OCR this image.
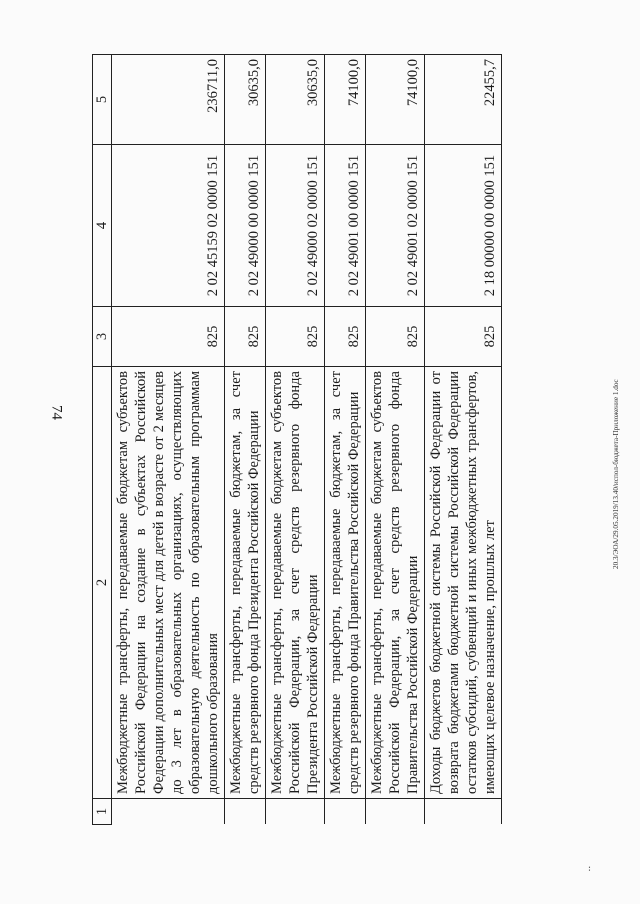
74	20.3/ЭОА/29.05.2019/13.40/испол-бюджета-Приложение 1.doc
ᐧᐧ
1	2	3	4	5
	Межбюджетные трансферты, передаваемые бюджетам субъектов Российской Федерации на создание в субъектах Российской Федерации дополнительных мест для детей в возрасте от 2 месяцев до 3 лет в образовательных организациях, осуществляющих образовательную деятельность по образовательным программам дошкольного образования	825	2 02 45159 02 0000 151	236711,0
	Межбюджетные трансферты, передаваемые бюджетам, за счет средств резервного фонда Президента Российской Федерации	825	2 02 49000 00 0000 151	30635,0
	Межбюджетные трансферты, передаваемые бюджетам субъектов Российской Федерации, за счет средств резервного фонда Президента Российской Федерации	825	2 02 49000 02 0000 151	30635,0
	Межбюджетные трансферты, передаваемые бюджетам, за счет средств резервного фонда Правительства Российской Федерации	825	2 02 49001 00 0000 151	74100,0
	Межбюджетные трансферты, передаваемые бюджетам субъектов Российской Федерации, за счет средств резервного фонда Правительства Российской Федерации	825	2 02 49001 02 0000 151	74100,0
	Доходы бюджетов бюджетной системы Российской Федерации от возврата бюджетами бюджетной системы Российской Федерации остатков субсидий, субвенций и иных межбюджетных трансфертов, имеющих целевое назначение, прошлых лет	825	2 18 00000 00 0000 151	22455,7
